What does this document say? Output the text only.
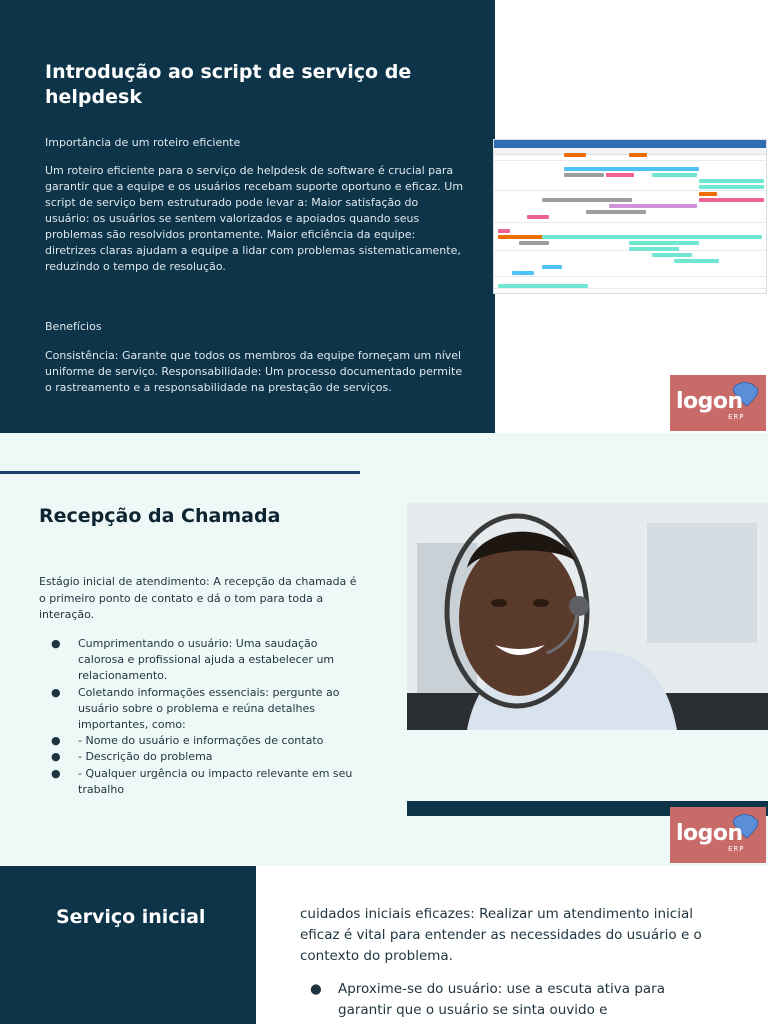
Introdução ao script de serviço de helpdesk

Importância de um roteiro eficiente

Um roteiro eficiente para o serviço de helpdesk de software é crucial para garantir que a equipe e os usuários recebam suporte oportuno e eficaz. Um script de serviço bem estruturado pode levar a: Maior satisfação do usuário: os usuários se sentem valorizados e apoiados quando seus problemas são resolvidos prontamente. Maior eficiência da equipe: diretrizes claras ajudam a equipe a lidar com problemas sistematicamente, reduzindo o tempo de resolução.

Benefícios

Consistência: Garante que todos os membros da equipe forneçam um nível uniforme de serviço. Responsabilidade: Um processo documentado permite o rastreamento e a responsabilidade na prestação de serviços.

logon
ERP
Recepção da Chamada

Estágio inicial de atendimento: A recepção da chamada é o primeiro ponto de contato e dá o tom para toda a interação.

● Cumprimentando o usuário: Uma saudação calorosa e profissional ajuda a estabelecer um relacionamento.
● Coletando informações essenciais: pergunte ao usuário sobre o problema e reúna detalhes importantes, como:
● - Nome do usuário e informações de contato
● - Descrição do problema
● - Qualquer urgência ou impacto relevante em seu trabalho
logon
ERP
Serviço inicial	cuidados iniciais eficazes: Realizar um atendimento inicial eficaz é vital para entender as necessidades do usuário e o contexto do problema.

● Aproxime-se do usuário: use a escuta ativa para garantir que o usuário se sinta ouvido e
